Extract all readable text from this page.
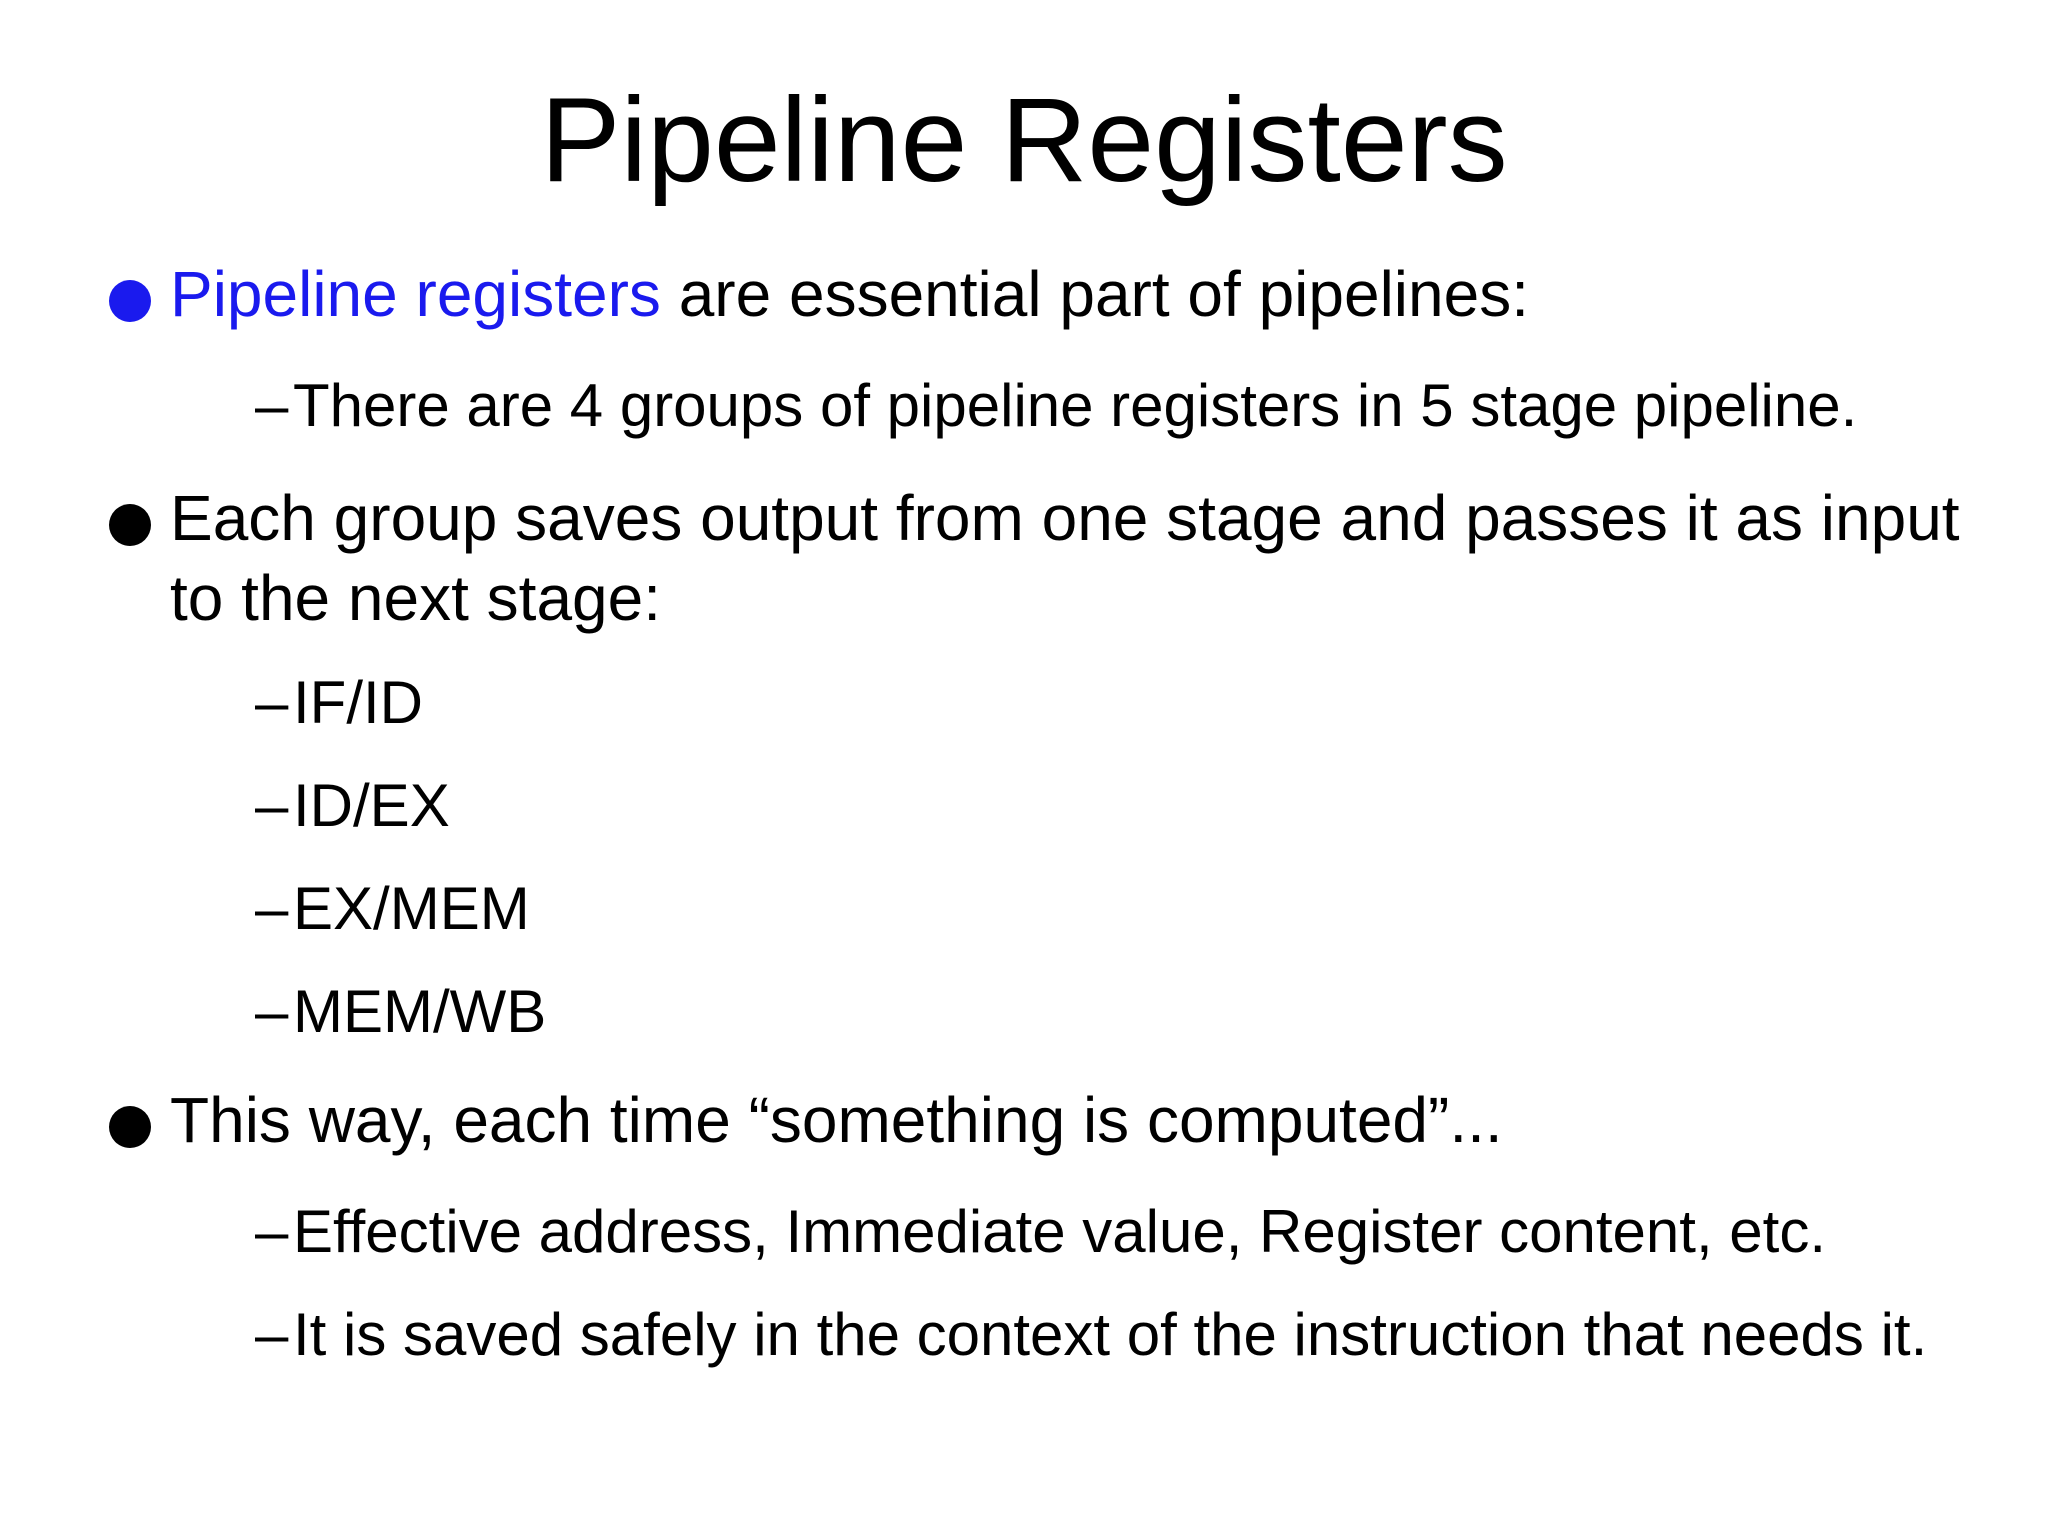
Pipeline Registers
Pipeline registers are essential part of pipelines:
–There are 4 groups of pipeline registers in 5 stage pipeline.
Each group saves output from one stage and passes it as input to the next stage:
–IF/ID
–ID/EX
–EX/MEM
–MEM/WB
This way, each time “something is computed”...
–Effective address, Immediate value, Register content, etc.
–It is saved safely in the context of the instruction that needs it.
